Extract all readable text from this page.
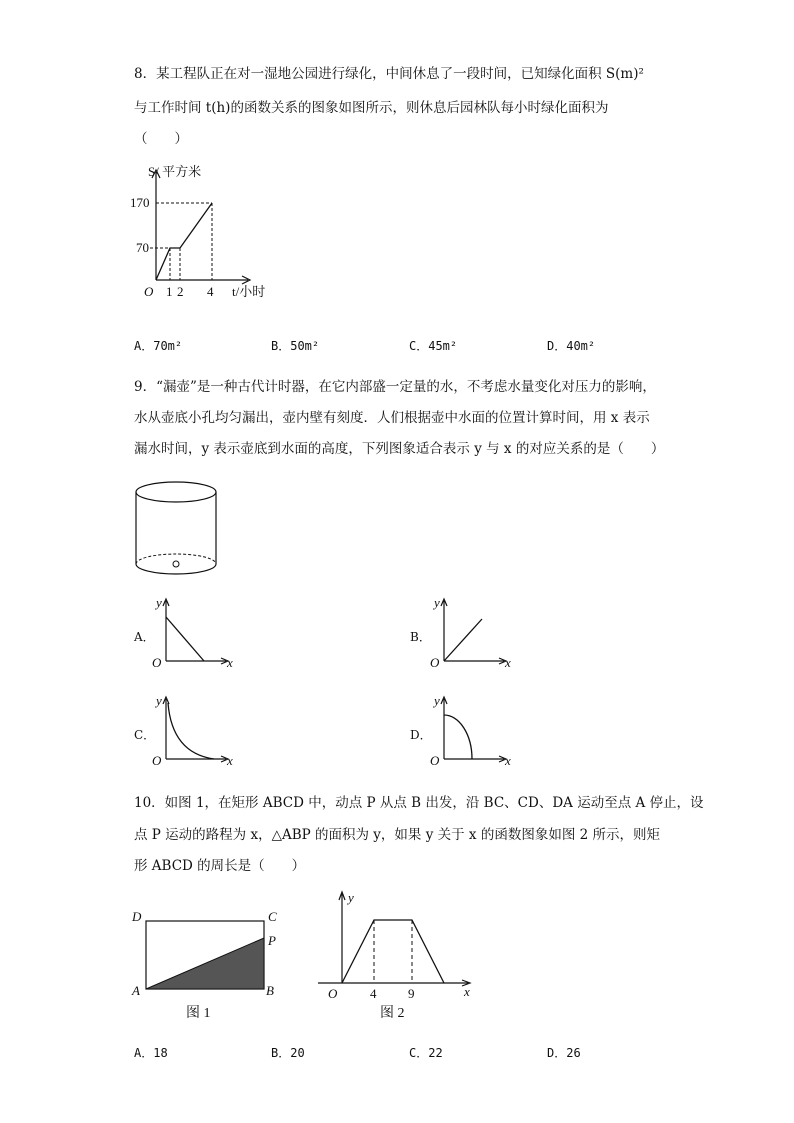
8．某工程队正在对一湿地公园进行绿化，中间休息了一段时间，已知绿化面积 S(m)²
与工作时间 t(h)的函数关系的图象如图所示，则休息后园林队每小时绿化面积为
（　　）
S/ 平方米
170
70
O 1 2 4 t/小时
A．70m²	B．50m²	C．45m²	D．40m²
9．“漏壶”是一种古代计时器，在它内部盛一定量的水，不考虑水量变化对压力的影响，
水从壶底小孔均匀漏出，壶内壁有刻度．人们根据壶中水面的位置计算时间，用 x 表示
漏水时间，y 表示壶底到水面的高度，下列图象适合表示 y 与 x 的对应关系的是（　　）
A．
y
O	x
B．
y
O	x
C．
y
O	x
D．
y
O	x
10．如图 1，在矩形 ABCD 中，动点 P 从点 B 出发，沿 BC、CD、DA 运动至点 A 停止，设
点 P 运动的路程为 x，△ABP 的面积为 y，如果 y 关于 x 的函数图象如图 2 所示，则矩
形 ABCD 的周长是（　　）
D	C
P
A	B
图 1
y
O	4 9	x
图 2
A．18	B．20	C．22	D．26
